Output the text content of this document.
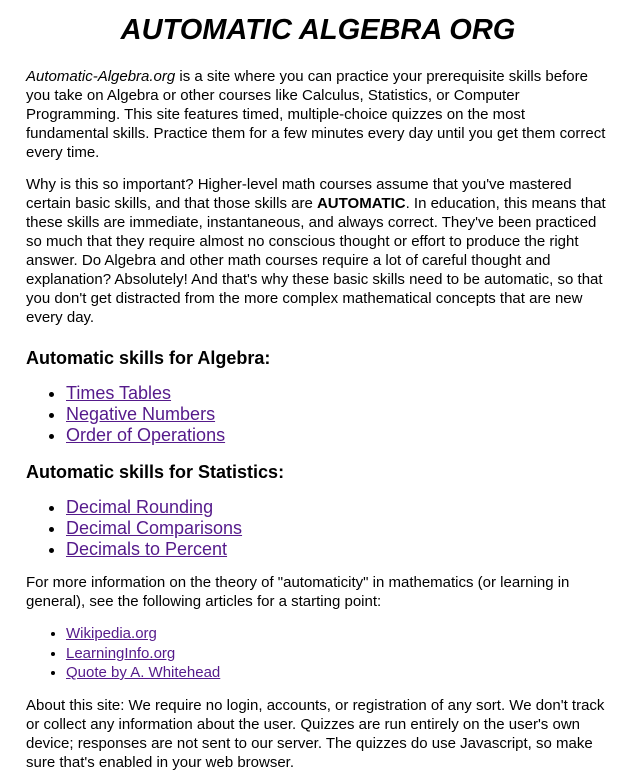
AUTOMATIC ALGEBRA ORG

Automatic-Algebra.org is a site where you can practice your prerequisite skills before you take on Algebra or other courses like Calculus, Statistics, or Computer Programming. This site features timed, multiple-choice quizzes on the most fundamental skills. Practice them for a few minutes every day until you get them correct every time.

Why is this so important? Higher-level math courses assume that you've mastered certain basic skills, and that those skills are AUTOMATIC. In education, this means that these skills are immediate, instantaneous, and always correct. They've been practiced so much that they require almost no conscious thought or effort to produce the right answer. Do Algebra and other math courses require a lot of careful thought and explanation? Absolutely! And that's why these basic skills need to be automatic, so that you don't get distracted from the more complex mathematical concepts that are new every day.

Automatic skills for Algebra:
• Times Tables
• Negative Numbers
• Order of Operations
Automatic skills for Statistics:
• Decimal Rounding
• Decimal Comparisons
• Decimals to Percent

For more information on the theory of "automaticity" in mathematics (or learning in general), see the following articles for a starting point:

• Wikipedia.org
• LearningInfo.org
• Quote by A. Whitehead

About this site: We require no login, accounts, or registration of any sort. We don't track or collect any information about the user. Quizzes are run entirely on the user's own device; responses are not sent to our server. The quizzes do use Javascript, so make sure that's enabled in your web browser.
